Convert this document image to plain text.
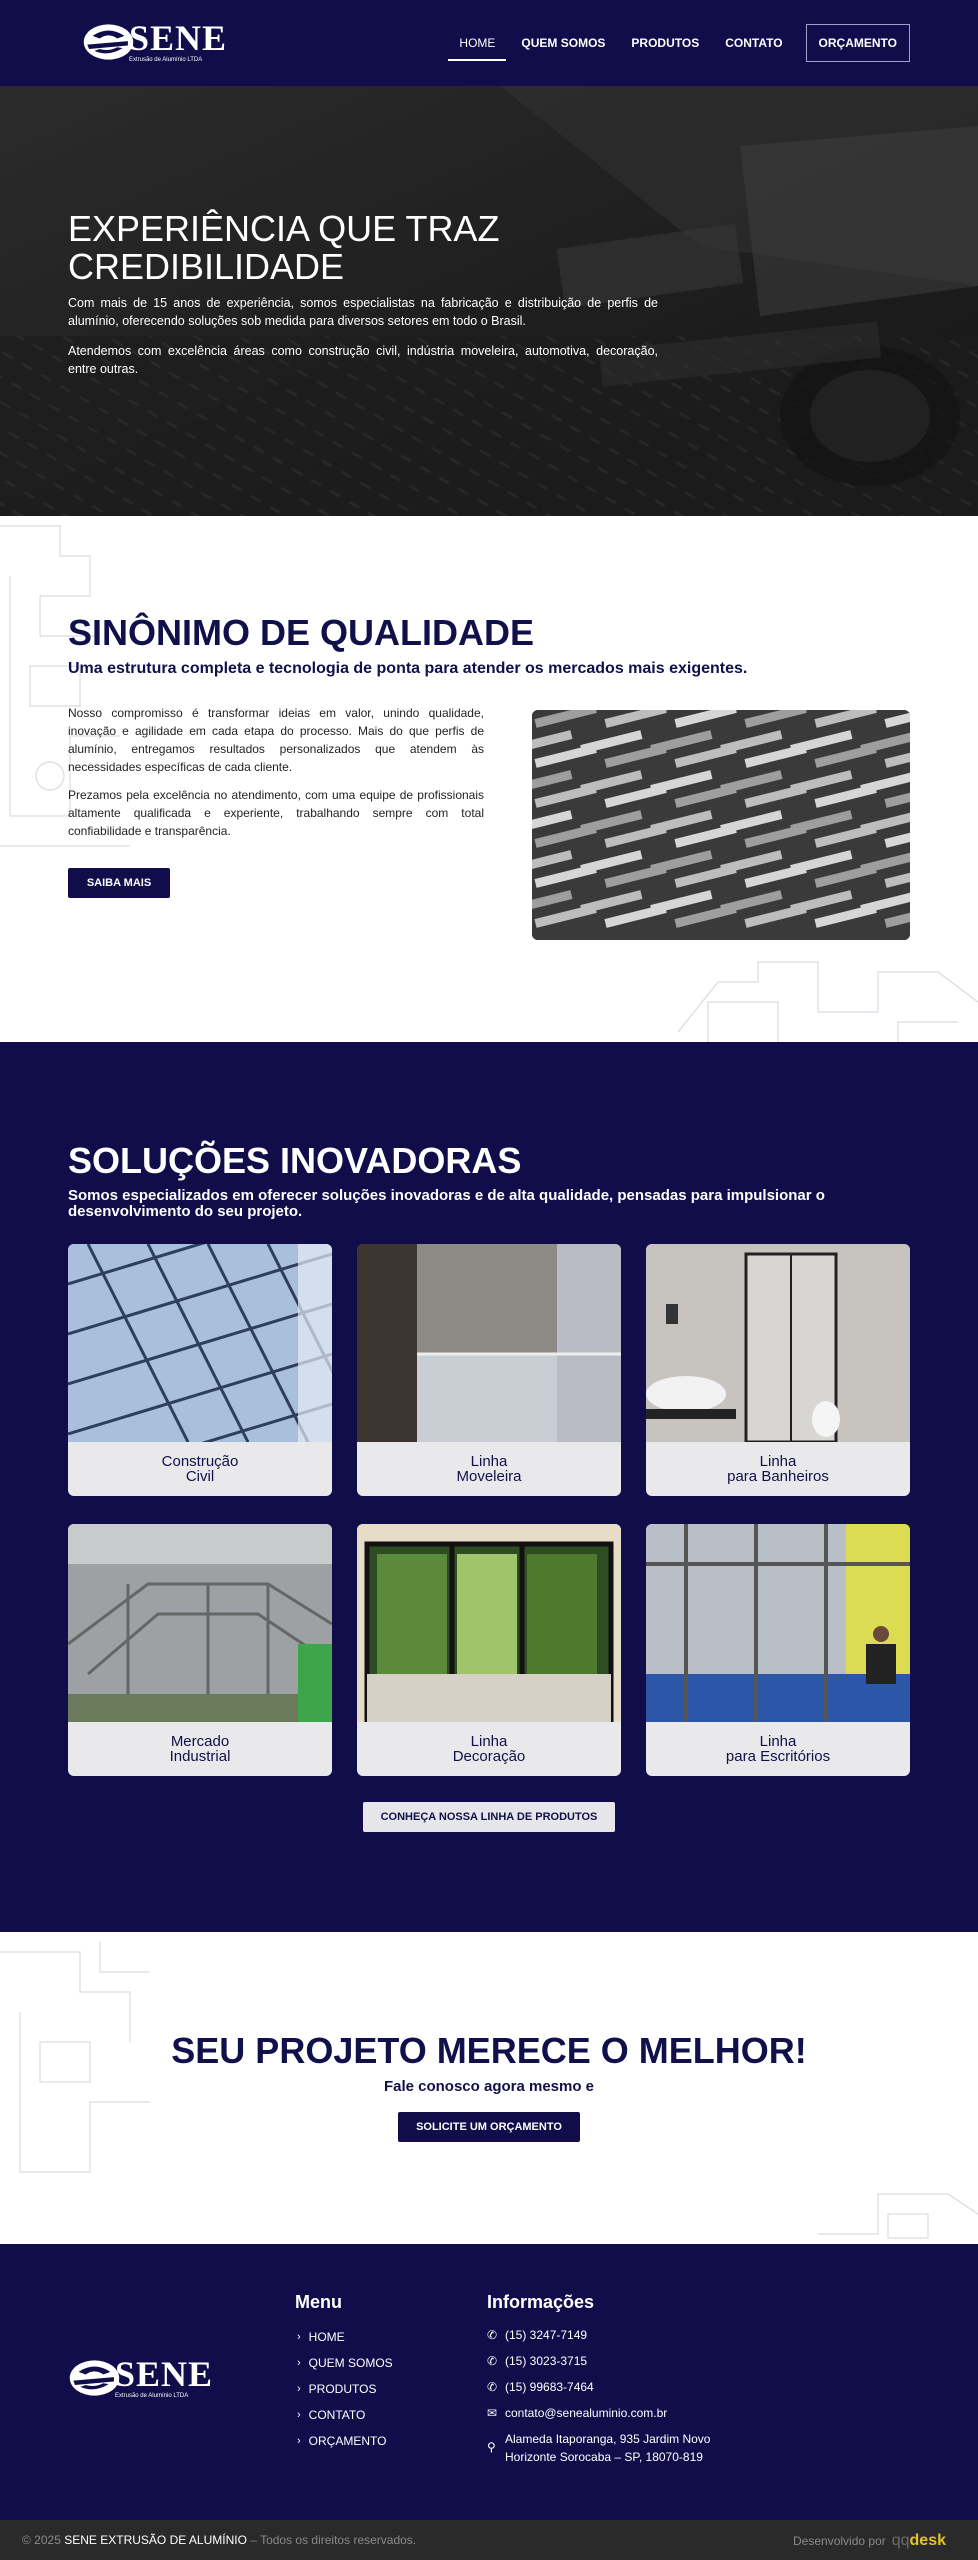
SENE
Extrusão de Alumínio LTDA
HOME	QUEM SOMOS	PRODUTOS	CONTATO	ORÇAMENTO
EXPERIÊNCIA QUE TRAZ CREDIBILIDADE

Com mais de 15 anos de experiência, somos especialistas na fabricação e distribuição de perfis de alumínio, oferecendo soluções sob medida para diversos setores em todo o Brasil.

Atendemos com excelência áreas como construção civil, indústria moveleira, automotiva, decoração, entre outras.

SINÔNIMO DE QUALIDADE

Uma estrutura completa e tecnologia de ponta para atender os mercados mais exigentes.

Nosso compromisso é transformar ideias em valor, unindo qualidade, inovação e agilidade em cada etapa do processo. Mais do que perfis de alumínio, entregamos resultados personalizados que atendem às necessidades específicas de cada cliente.

Prezamos pela excelência no atendimento, com uma equipe de profissionais altamente qualificada e experiente, trabalhando sempre com total confiabilidade e transparência.

SAIBA MAIS
SOLUÇÕES INOVADORAS

Somos especializados em oferecer soluções inovadoras e de alta qualidade, pensadas para impulsionar o desenvolvimento do seu projeto.

Construção
Civil
Linha
Moveleira
Linha
para Banheiros
Mercado
Industrial
Linha
Decoração
Linha
para Escritórios
CONHEÇA NOSSA LINHA DE PRODUTOS
SEU PROJETO MERECE O MELHOR!

Fale conosco agora mesmo e

SOLICITE UM ORÇAMENTO
SENE
Extrusão de Alumínio LTDA
Menu
› HOME
› QUEM SOMOS
› PRODUTOS
› CONTATO
› ORÇAMENTO
Informações
✆ (15) 3247-7149
✆ (15) 3023-3715
✆ (15) 99683-7464
✉ contato@senealuminio.com.br
⚲
Alameda Itaporanga, 935 Jardim Novo
Horizonte Sorocaba – SP, 18070-819
© 2025 SENE EXTRUSÃO DE ALUMÍNIO – Todos os direitos reservados.	Desenvolvido por qqdesk
